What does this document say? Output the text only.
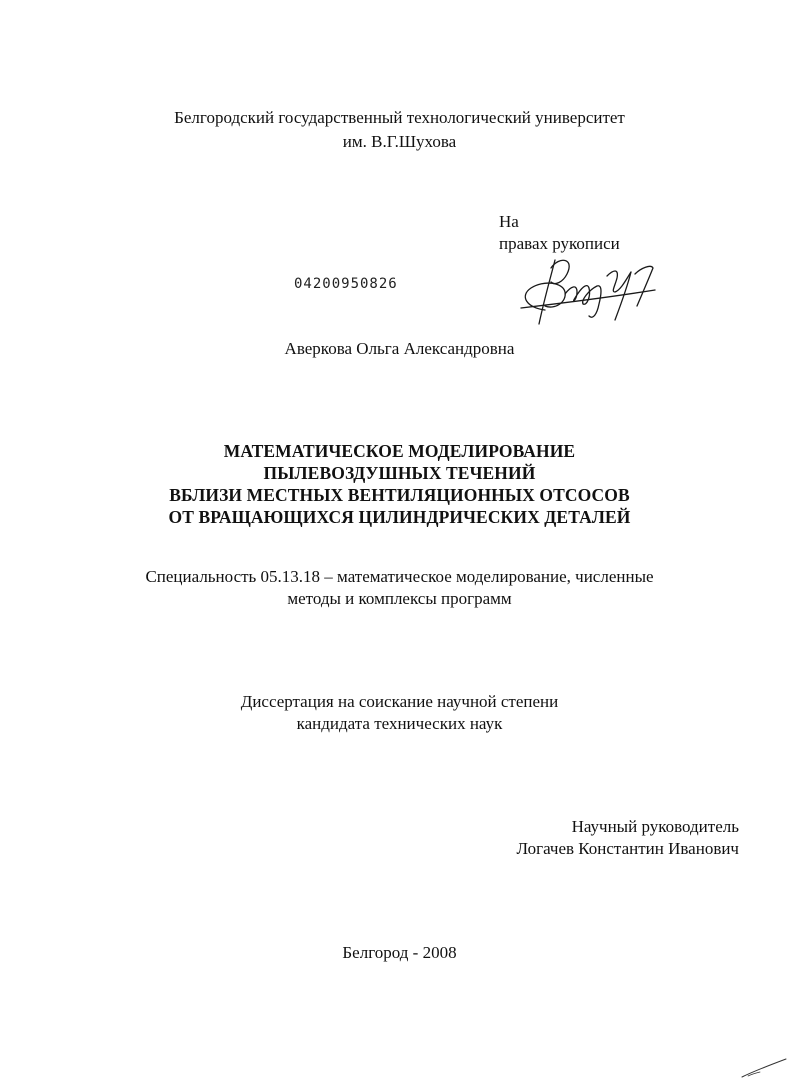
Белгородский государственный технологический университет
им. В.Г.Шухова
На
правах рукописи
04200950826
Аверкова Ольга Александровна
МАТЕМАТИЧЕСКОЕ МОДЕЛИРОВАНИЕ
ПЫЛЕВОЗДУШНЫХ ТЕЧЕНИЙ
ВБЛИЗИ МЕСТНЫХ ВЕНТИЛЯЦИОННЫХ ОТСОСОВ
ОТ ВРАЩАЮЩИХСЯ ЦИЛИНДРИЧЕСКИХ ДЕТАЛЕЙ
Специальность 05.13.18 – математическое моделирование, численные
методы и комплексы программ
Диссертация на соискание научной степени
кандидата технических наук
Научный руководитель
Логачев Константин Иванович
Белгород - 2008
